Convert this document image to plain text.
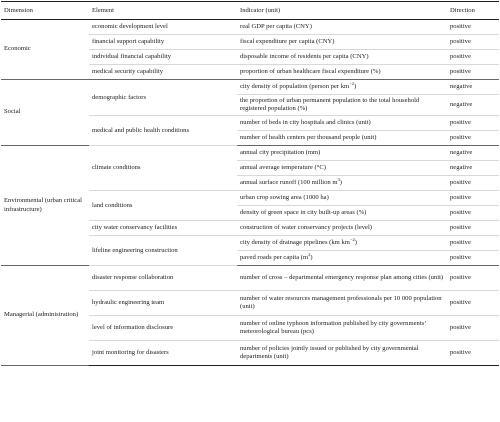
Dimension	Element	Indicator (unit)	Direction
Economic	economic development level	real GDP per capita (CNY)	positive
	financial support capability	fiscal expenditure per capita (CNY)	positive
	individual financial capability	disposable income of residents per capita (CNY)	positive
	medical security capability	proportion of urban healthcare fiscal expenditure (%)	positive
Social	demographic factors	city density of population (person per $km^{-2}$)	negative
		the proportion of urban permanent population to the total household registered population (%)	negative
	medical and public health conditions	number of beds in city hospitals and clinics (unit)	positive
		number of health centers per thousand people (unit)	positive
Environmental (urban critical infrastructure)	climate conditions	annual city precipitation (mm)	negative
		annual average temperature (°C)	negative
		annual surface runoff (100 million $m^3$)	positive
	land conditions	urban crop sowing area (1000 ha)	positive
		density of green space in city built-up areas (%)	positive
	city water conservancy facilities	construction of water conservancy projects (level)	positive
	lifeline engineering construction	city density of drainage pipelines (km $km^{-2}$)	positive
		paved roads per capita $(m^2)$	positive
Managerial (administration)	disaster response collaboration	number of cross – departmental emergency response plan among cities (unit)	positive
	hydraulic engineering team	number of water resources management professionals per 10 000 population (unit)	positive
	level of information disclosure	number of online typhoon information published by city governments’ meteorological bureau (pcs)	positive
	joint monitoring for disasters	number of policies jointly issued or published by city governmental departments (unit)	positive
